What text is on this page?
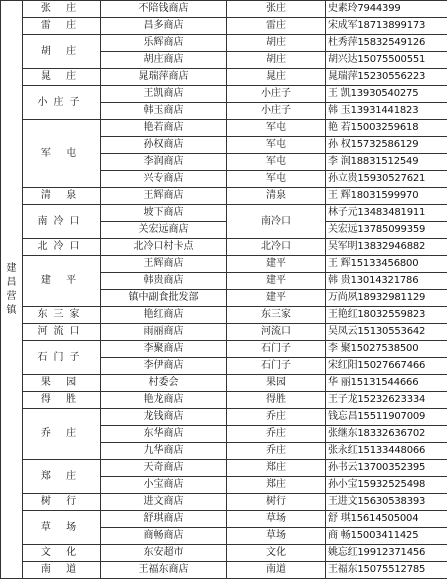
建昌营镇	张 庄	不陪钱商店	张庄	史素玲7944399
	雷 庄	昌多商店	雷庄	宋成军18713899173
	胡 庄	乐辉商店	胡庄	杜秀萍15832549126
		胡庄商店	胡庄	胡兴达15075500551
	晁 庄	晁瑞萍商店	晁庄	晁瑞萍15230556223
	小庄子	王凯商店	小庄子	王 凯13930540275
		韩玉商店	小庄子	韩 玉13931441823
	军 屯	艳若商店	军屯	艳 若15003259618
		孙权商店	军屯	孙 权15732586129
		李润商店	军屯	李 润18831512549
		兴专商店	军屯	孙立贵15930527621
	清 泉	王辉商店	清泉	王 辉18031599970
	南冷口	坡下商店	南冷口	林子元13483481911
		关宏远商店		关宏远13785099359
	北冷口	北冷口村卡点	北冷口	吴军明13832946882
	建 平	王辉商店	建平	王 辉15133456800
		韩贵商店	建平	韩 贵13014321786
		镇中副食批发部	建平	万尚夙18932981129
	东三家	艳红商店	东三家	王艳红18032559823
	河流口	雨丽商店	河流口	吴凤云15130553642
	石门子	李聚商店	石门子	李 聚15027538500
		李伊商店	石门子	宋红阳15027667466
	果 园	村委会	果园	华 丽15131544666
	得 胜	艳龙商店	得胜	王子龙15232623334
	乔 庄	龙钱商店	乔庄	钱忘昌15511907009
		东华商店	乔庄	张继东18332636702
		九华商店	乔庄	张永红15133448066
	郑 庄	天奇商店	郑庄	孙书云13700352395
		小宝商店	郑庄	孙小宝15932525498
	树 行	进文商店	树行	王进文15630538393
	草 场	舒琪商店	草场	舒 琪15614505004
		商畅商店	草场	商 畅15003411425
	文 化	东安超市	文化	姚忘红19912371456
	南 道	王福东商店	南道	王福东15075512785
